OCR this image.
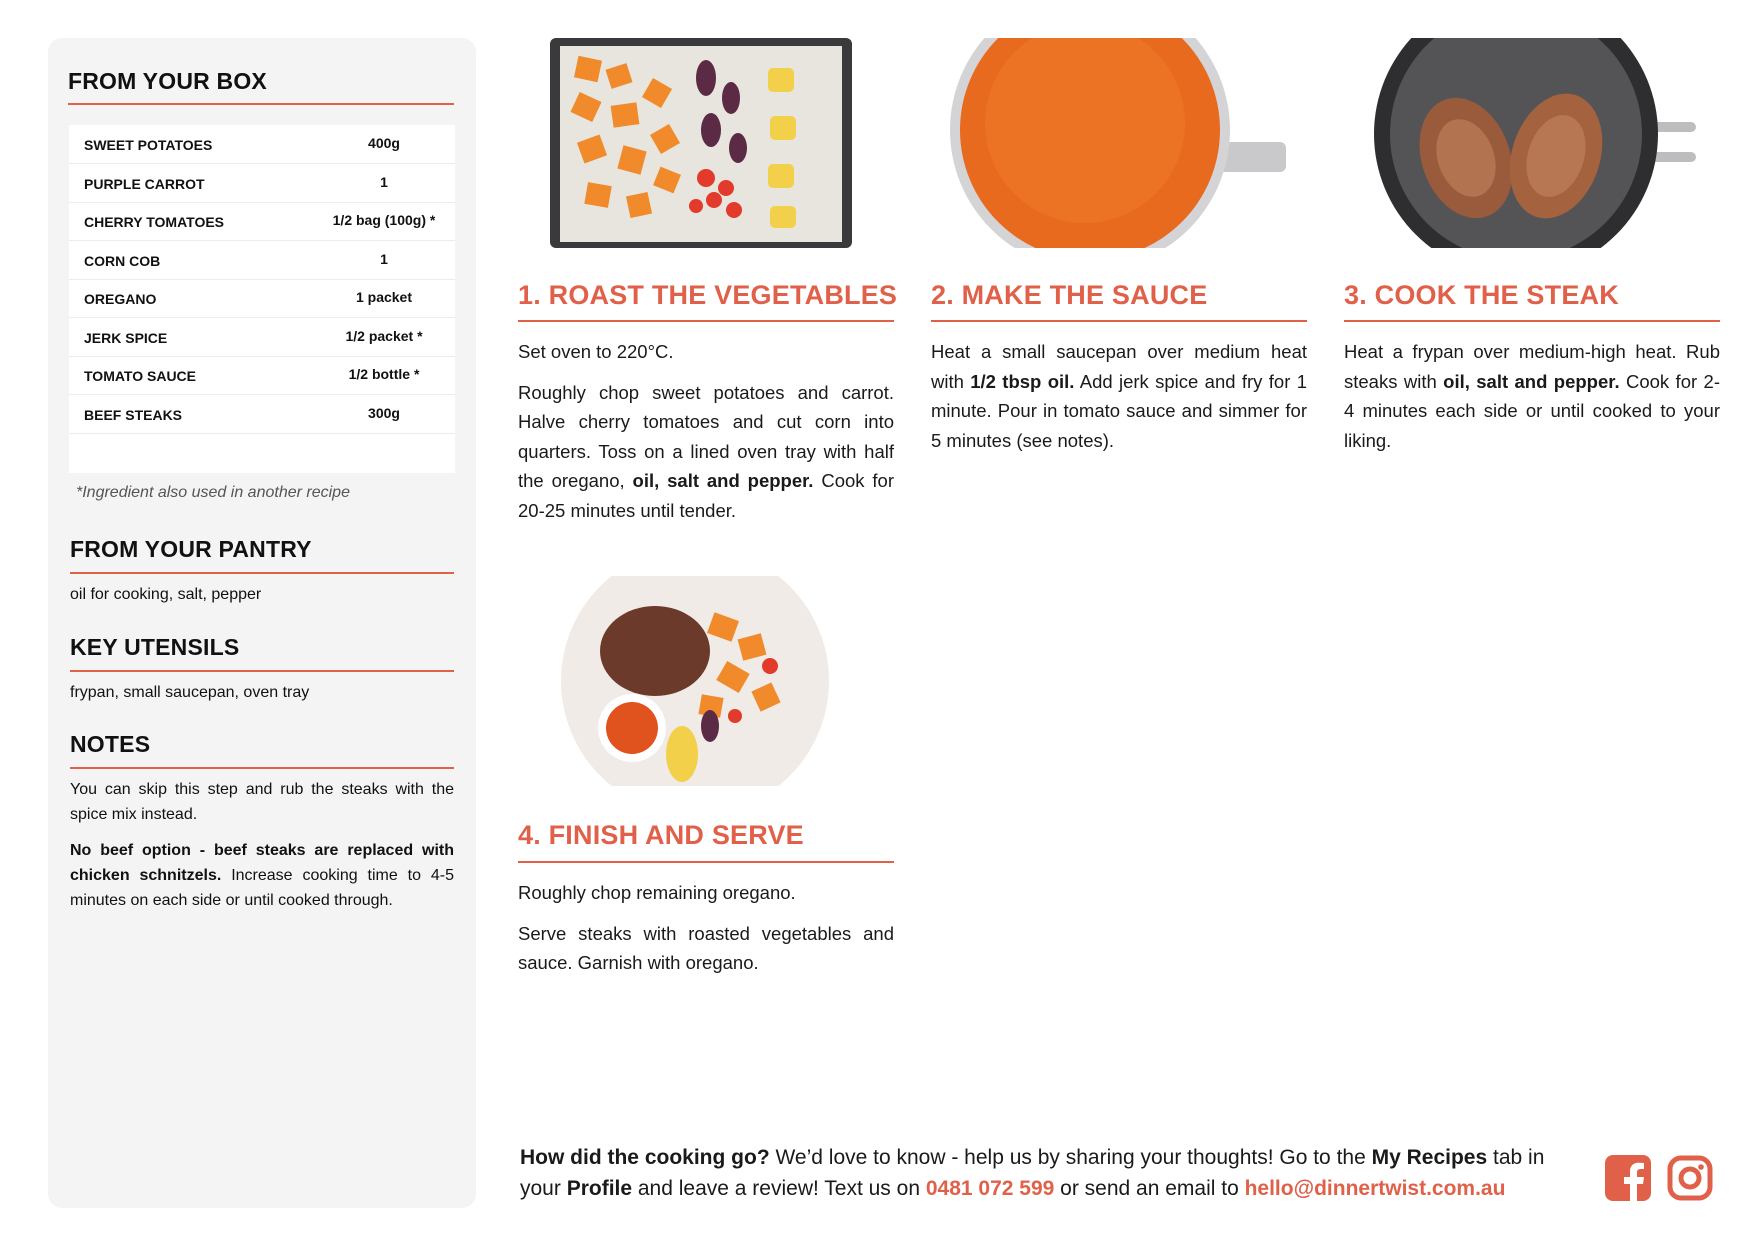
FROM YOUR BOX
SWEET POTATOES	400g
PURPLE CARROT	1
CHERRY TOMATOES	1/2 bag (100g) *
CORN COB	1
OREGANO	1 packet
JERK SPICE	1/2 packet *
TOMATO SAUCE	1/2 bottle *
BEEF STEAKS	300g
*Ingredient also used in another recipe
FROM YOUR PANTRY

oil for cooking, salt, pepper

KEY UTENSILS

frypan, small saucepan, oven tray

NOTES

You can skip this step and rub the steaks with the spice mix instead.

No beef option - beef steaks are replaced with chicken schnitzels. Increase cooking time to 4-5 minutes on each side or until cooked through.

1. ROAST THE VEGETABLES

Set oven to 220°C.

Roughly chop sweet potatoes and carrot. Halve cherry tomatoes and cut corn into quarters. Toss on a lined oven tray with half the oregano, oil, salt and pepper. Cook for 20-25 minutes until tender.

2. MAKE THE SAUCE

Heat a small saucepan over medium heat with 1/2 tbsp oil. Add jerk spice and fry for 1 minute. Pour in tomato sauce and simmer for 5 minutes (see notes).

3. COOK THE STEAK

Heat a frypan over medium-high heat. Rub steaks with oil, salt and pepper. Cook for 2-4 minutes each side or until cooked to your liking.

4. FINISH AND SERVE

Roughly chop remaining oregano.

Serve steaks with roasted vegetables and sauce. Garnish with oregano.

How did the cooking go? We’d love to know - help us by sharing your thoughts! Go to the My Recipes tab in your Profile and leave a review! Text us on 0481 072 599 or send an email to hello@dinnertwist.com.au
